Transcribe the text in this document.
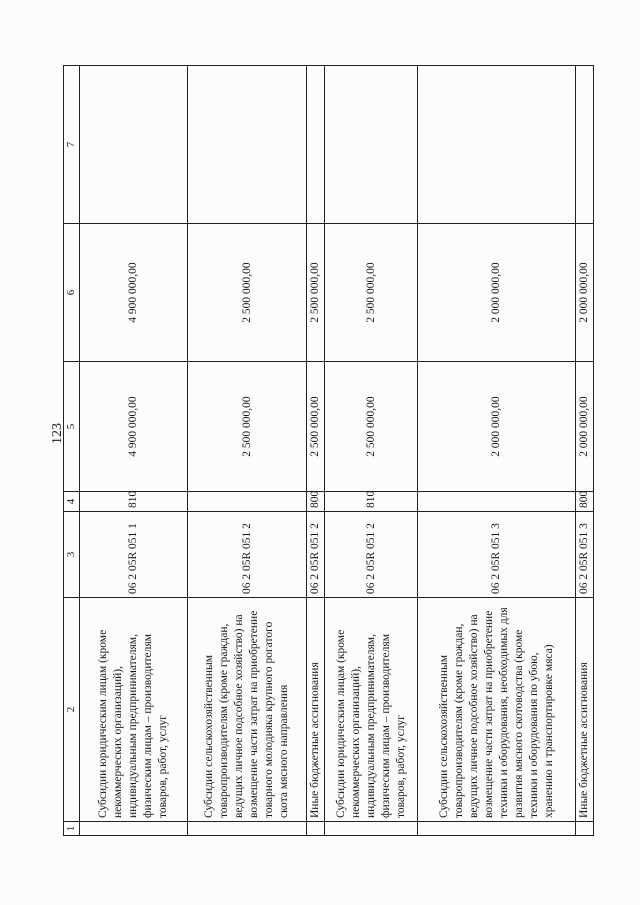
123
1	2	3	4	5	6	7
	Субсидии юридическим лицам (кроме некоммерческих организаций), индивидуальным предпринимателям, физическим лицам – производителям товаров, работ, услуг	06 2 05R 051 1	810	4 900 000,00	4 900 000,00	
	Субсидии сельскохозяйственным товаропроизводителям (кроме граждан, ведущих личное подсобное хозяйство) на возмещение части затрат на приобретение товарного молодняка крупного рогатого скота мясного направления	06 2 05R 051 2		2 500 000,00	2 500 000,00	
	Иные бюджетные ассигнования	06 2 05R 051 2	800	2 500 000,00	2 500 000,00	
	Субсидии юридическим лицам (кроме некоммерческих организаций), индивидуальным предпринимателям, физическим лицам – производителям товаров, работ, услуг	06 2 05R 051 2	810	2 500 000,00	2 500 000,00	
	Субсидии сельскохозяйственным товаропроизводителям (кроме граждан, ведущих личное подсобное хозяйство) на возмещение части затрат на приобретение техники и оборудования, необходимых для развития мясного скотоводства (кроме техники и оборудования по убою, хранению и транспортировке мяса)	06 2 05R 051 3		2 000 000,00	2 000 000,00	
	Иные бюджетные ассигнования	06 2 05R 051 3	800	2 000 000,00	2 000 000,00	
